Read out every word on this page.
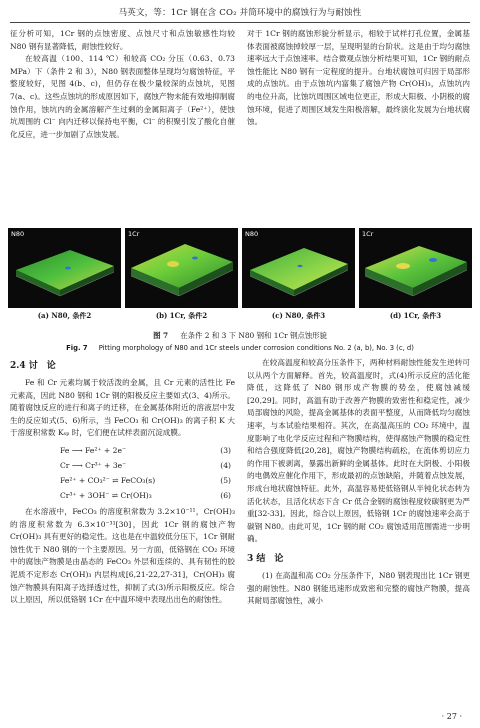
马英文，等：1Cr 钢在含 CO₂ 并筒环境中的腐蚀行为与耐蚀性

征分析可知，1Cr 钢的点蚀密度、点蚀尺寸和点蚀敏感性均较 N80 钢有显著降低，耐蚀性较好。

在较高温（100、114 ℃）和较高 CO₂ 分压（0.63、0.73 MPa）下（条件 2 和 3），N80 钢表面整体呈现均匀腐蚀特征，平整度较好，见图 4(b、c)，但仍存在极少量较深的点蚀坑，见图 7(a、c)。这些点蚀坑的形成原因如下，腐蚀产物未能有效地抑制腐蚀作用，蚀坑内的金属溶解产生过剩的金属阳离子（Fe²⁺），使蚀坑周围的 Cl⁻ 向内迁移以保持电平衡，Cl⁻ 的积聚引发了酸化自催化反应，进一步加剧了点蚀发展。

对于 1Cr 钢的腐蚀形貌分析显示，相较于试样打孔位置，金属基体表面被腐蚀掉较厚一层，呈现明显的台阶状。这是由于均匀腐蚀速率远大于点蚀速率。结合微观点蚀分析结果可知，1Cr 钢的耐点蚀性能比 N80 钢有一定程度的提升。台地状腐蚀可归因于局部形成的点蚀坑。由于点蚀坑内富集了腐蚀产物 Cr(OH)₃，点蚀坑内的电位升高，比蚀坑周围区域电位更正，形成大阳极、小阴极的腐蚀环境，促进了周围区域发生阳极溶解，最终演化发展为台地状腐蚀。

N80	1Cr	N80	1Cr
(a) N80, 条件2	(b) 1Cr, 条件2	(c) N80, 条件3	(d) 1Cr, 条件3
图 7   在条件 2 和 3 下 N80 钢和 1Cr 钢点蚀形貌
Fig. 7   Pitting morphology of N80 and 1Cr steels under corrosion conditions No. 2 (a, b), No. 3 (c, d)
2.4 讨　论

Fe 和 Cr 元素均属于较活泼的金属，且 Cr 元素的活性比 Fe 元素高，因此 N80 钢和 1Cr 钢的阳极反应主要如式(3、4)所示。随着腐蚀反应的进行和离子的迁移，在金属基体附近的溶液层中发生的反应如式(5、6)所示，当 FeCO₃ 和 Cr(OH)₃ 的离子积 K 大于溶度积常数 Kₛₚ 时，它们便在试样表面沉淀成膜。

Fe ⟶ Fe²⁺ + 2e⁻	(3)
Cr ⟶ Cr³⁺ + 3e⁻	(4)
Fe²⁺ + CO₃²⁻ ⇌ FeCO₃(s)	(5)
Cr³⁺ + 3OH⁻ ⇌ Cr(OH)₃	(6)

在水溶液中，FeCO₃ 的溶度积常数为 3.2×10⁻¹¹，Cr(OH)₃ 的溶度积常数为 6.3×10⁻³¹[30]，因此 1Cr 钢的腐蚀产物 Cr(OH)₃ 具有更好的稳定性。这也是在中温较低分压下，1Cr 钢耐蚀性优于 N80 钢的一个主要原因。另一方面，低铬钢在 CO₂ 环境中的腐蚀产物膜是由晶态的 FeCO₃ 外层和连续的、具有韧性的胶泥质不定形态 Cr(OH)₃ 内层构成[6,21-22,27-31]，Cr(OH)₃ 腐蚀产物膜具有阳离子选择透过性，抑制了式(3)所示阳极反应。综合以上原因，所以低铬钢 1Cr 在中温环境中表现出出色的耐蚀性。

在较高温度和较高分压条件下，两种材料耐蚀性能发生逆转可以从两个方面解释。首先，较高温度时，式(4)所示反应的活化能降低，这降低了 N80 钢形成产物膜的势垒，使腐蚀减缓[20,29]。同时，高温有助于改善产物膜的致密性和稳定性，减少局部腐蚀的风险，提高金属基体的表面平整度，从而降低均匀腐蚀速率，与本试验结果相符。其次，在高温高压的 CO₂ 环境中，温度影响了电化学反应过程和产物膜结构，使得腐蚀产物膜的稳定性和结合强度降低[20,28]，腐蚀产物膜结构疏松，在流体剪切应力的作用下被剥离，暴露出新鲜的金属基体。此时在大阴极、小阳极的电偶效应催化作用下，形成最初的点蚀缺陷，并随着点蚀发展，形成台地状腐蚀特征。此外，高温容易使低铬钢从半钝化状态转为活化状态，且活化状态下含 Cr 低合金钢的腐蚀程度较碳钢更为严重[32-33]。因此，综合以上原因，低铬钢 1Cr 的腐蚀速率会高于碳钢 N80。由此可见，1Cr 钢的耐 CO₂ 腐蚀适用范围需进一步明确。

3 结　论

(1) 在高温和高 CO₂ 分压条件下，N80 钢表现出比 1Cr 钢更强的耐蚀性。N80 钢能迅速形成致密和完整的腐蚀产物膜，提高其耐局部腐蚀性，减小

· 27 ·
